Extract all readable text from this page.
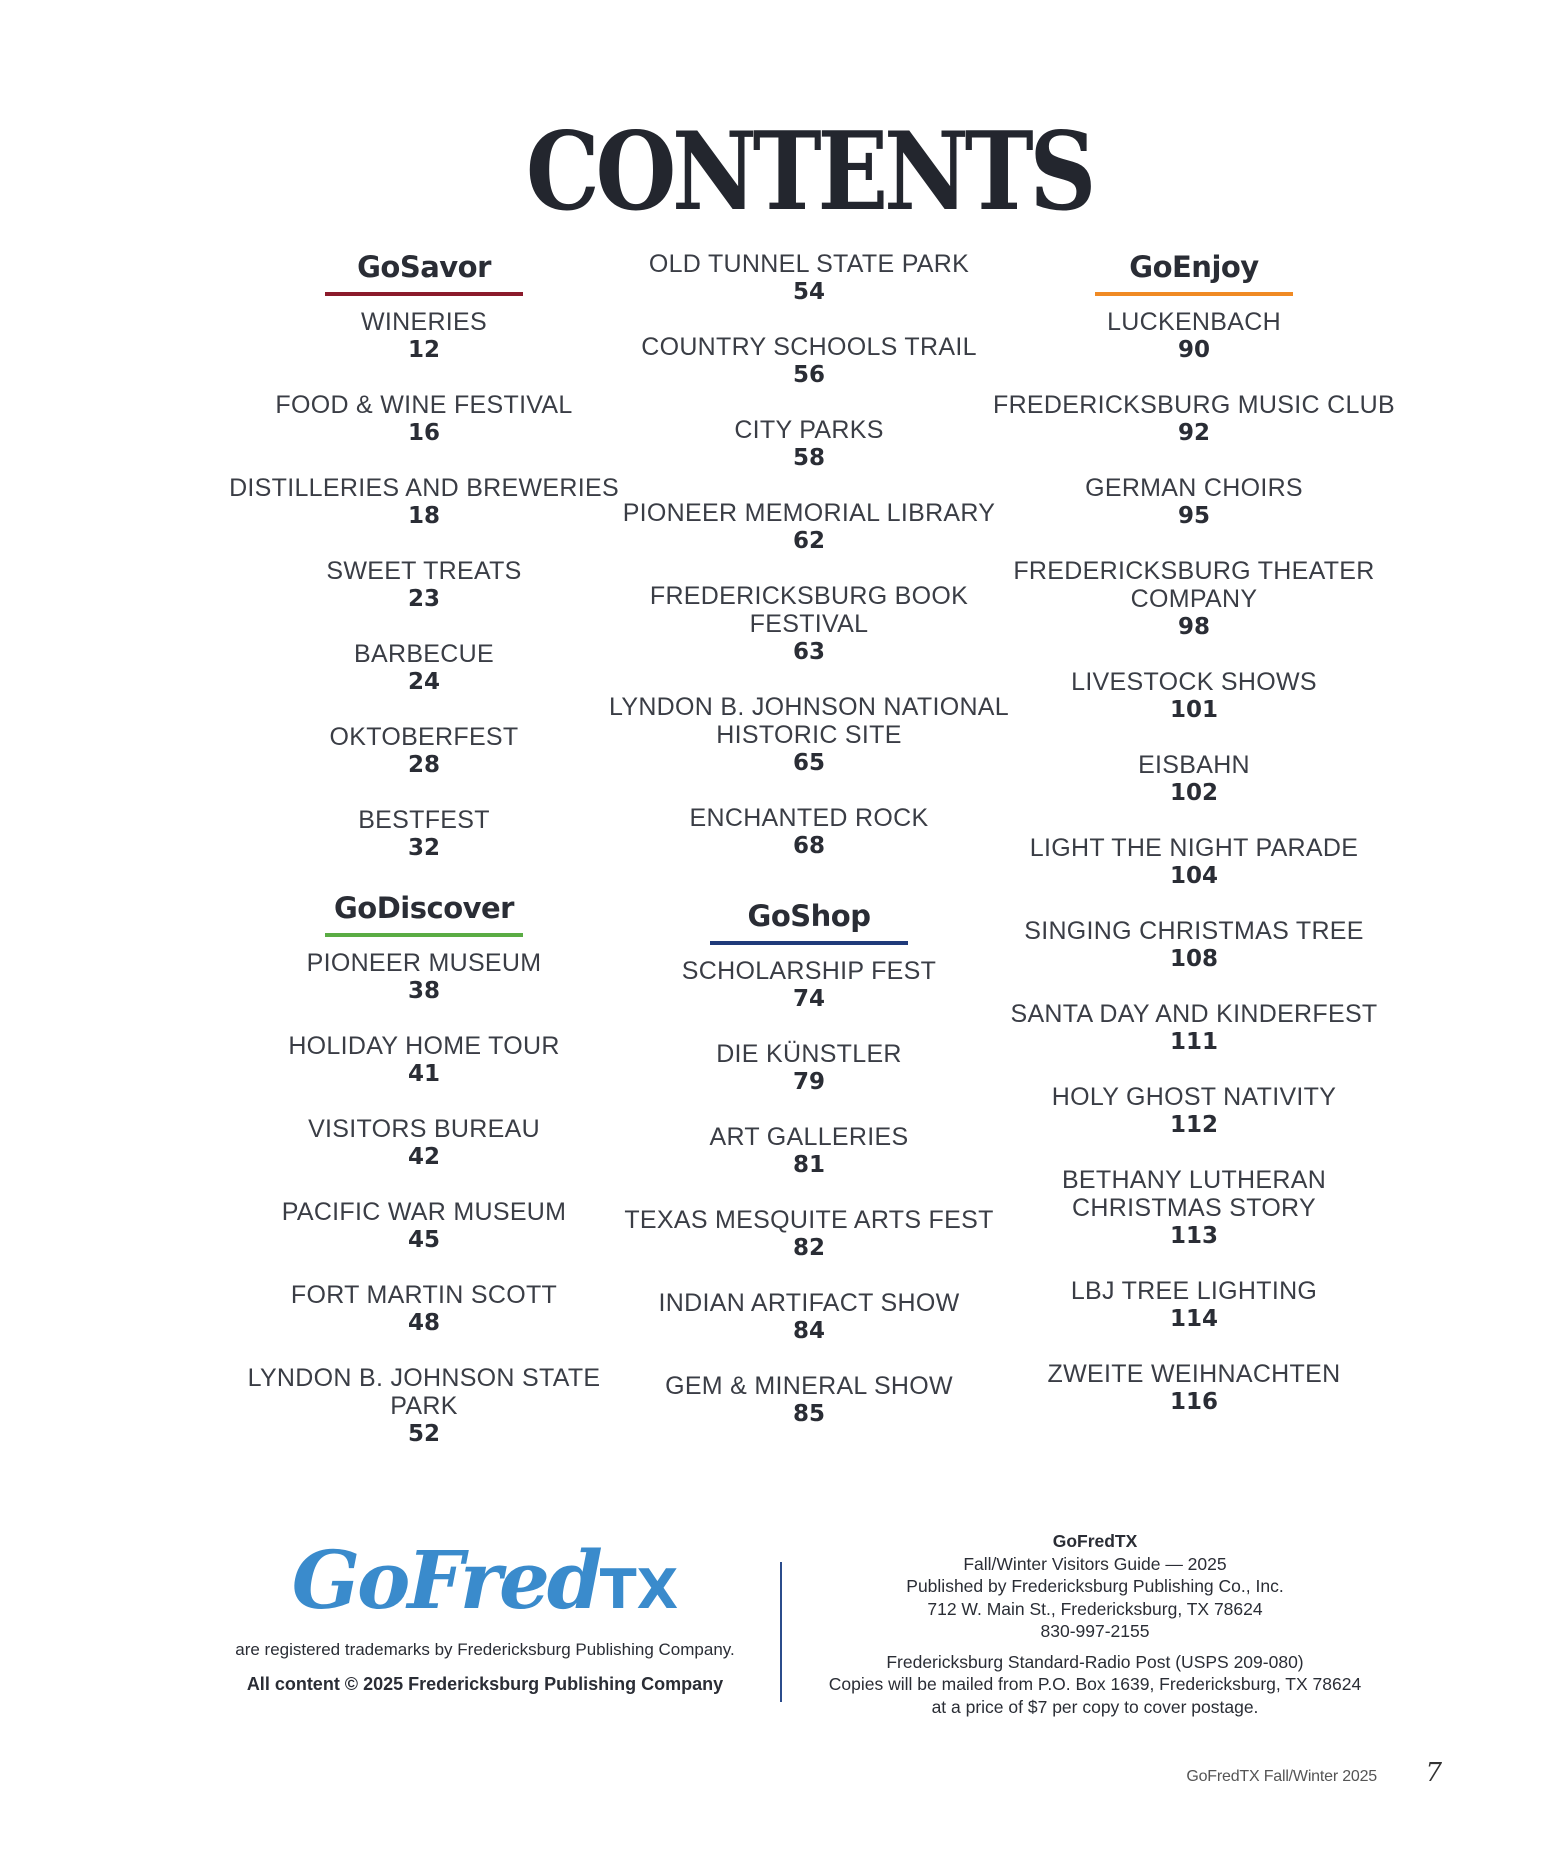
CONTENTS
GoSavor
WINERIES
12
FOOD & WINE FESTIVAL
16
DISTILLERIES AND BREWERIES
18
SWEET TREATS
23
BARBECUE
24
OKTOBERFEST
28
BESTFEST
32
GoDiscover
PIONEER MUSEUM
38
HOLIDAY HOME TOUR
41
VISITORS BUREAU
42
PACIFIC WAR MUSEUM
45
FORT MARTIN SCOTT
48
LYNDON B. JOHNSON STATE PARK
52
OLD TUNNEL STATE PARK
54
COUNTRY SCHOOLS TRAIL
56
CITY PARKS
58
PIONEER MEMORIAL LIBRARY
62
FREDERICKSBURG BOOK FESTIVAL
63
LYNDON B. JOHNSON NATIONAL HISTORIC SITE
65
ENCHANTED ROCK
68
GoShop
SCHOLARSHIP FEST
74
DIE KÜNSTLER
79
ART GALLERIES
81
TEXAS MESQUITE ARTS FEST
82
INDIAN ARTIFACT SHOW
84
GEM & MINERAL SHOW
85
GoEnjoy
LUCKENBACH
90
FREDERICKSBURG MUSIC CLUB
92
GERMAN CHOIRS
95
FREDERICKSBURG THEATER COMPANY
98
LIVESTOCK SHOWS
101
EISBAHN
102
LIGHT THE NIGHT PARADE
104
SINGING CHRISTMAS TREE
108
SANTA DAY AND KINDERFEST
111
HOLY GHOST NATIVITY
112
BETHANY LUTHERAN CHRISTMAS STORY
113
LBJ TREE LIGHTING
114
ZWEITE WEIHNACHTEN
116
GoFredTX
are registered trademarks by Fredericksburg Publishing Company.
All content © 2025 Fredericksburg Publishing Company
GoFredTX
Fall/Winter Visitors Guide — 2025
Published by Fredericksburg Publishing Co., Inc.
712 W. Main St., Fredericksburg, TX 78624
830-997-2155
Fredericksburg Standard-Radio Post (USPS 209-080)
Copies will be mailed from P.O. Box 1639, Fredericksburg, TX 78624
at a price of $7 per copy to cover postage.
GoFredTX Fall/Winter 2025 7
